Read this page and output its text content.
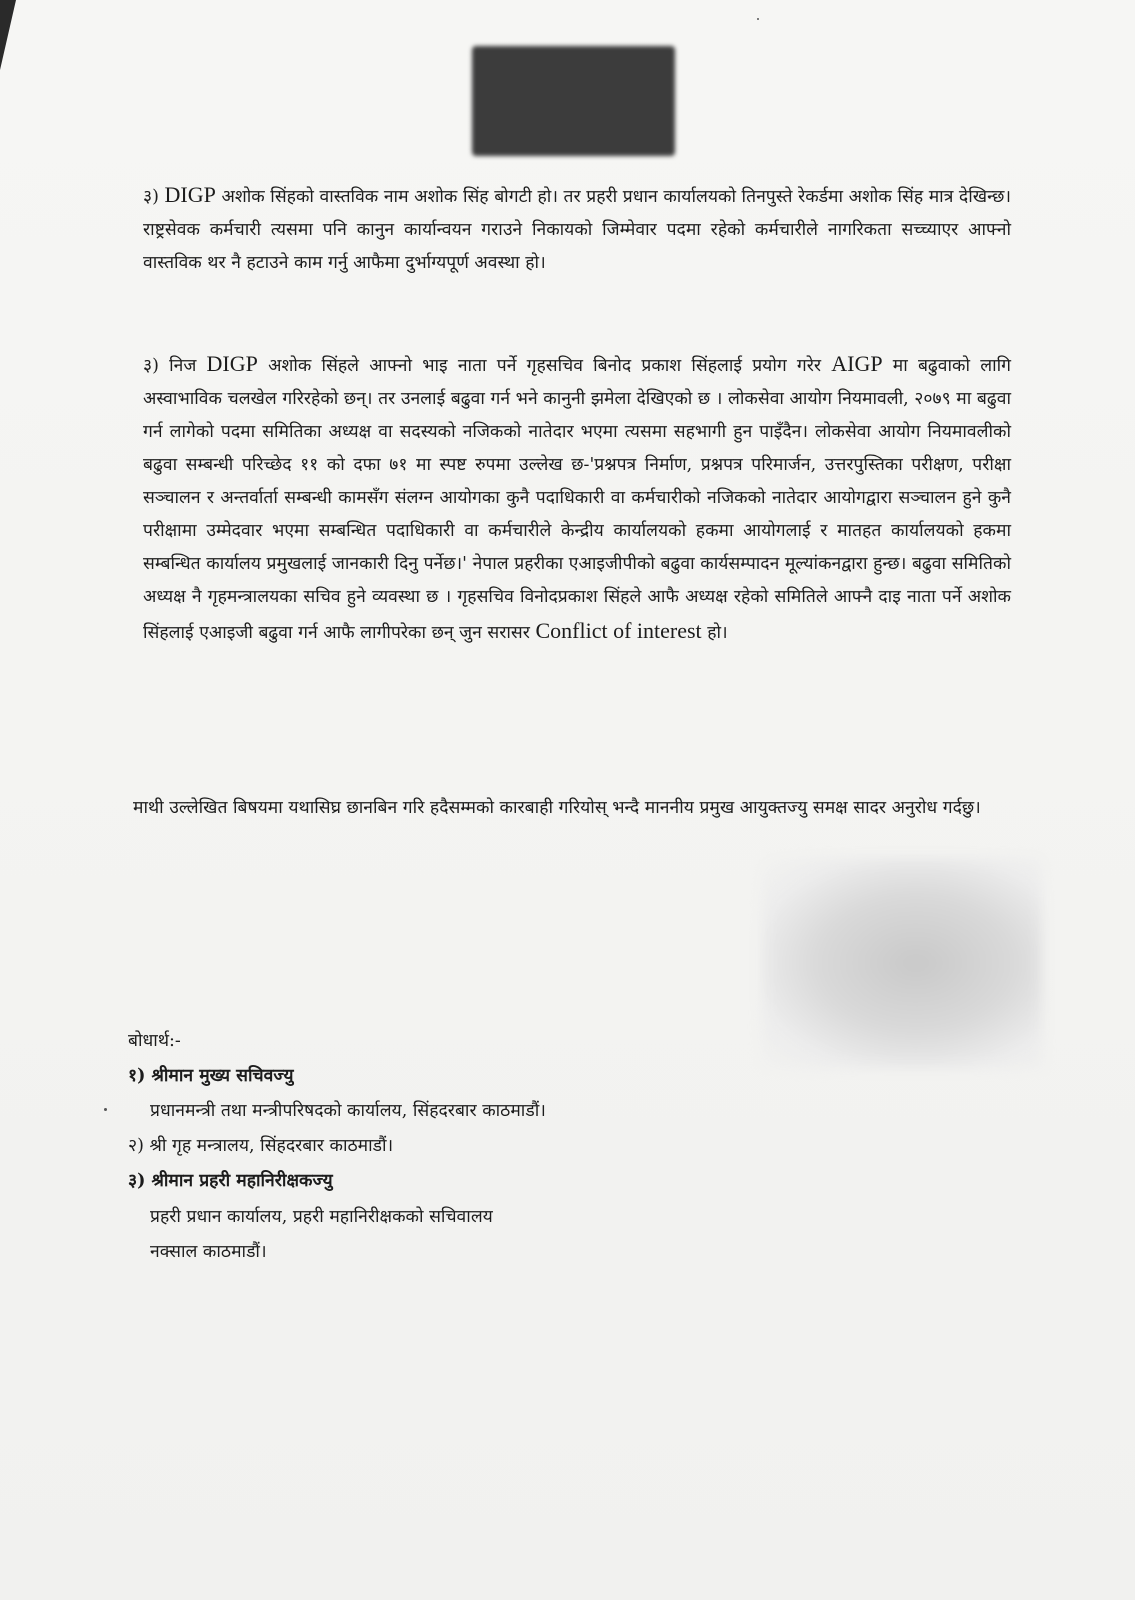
३) DIGP अशोक सिंहको वास्तविक नाम अशोक सिंह बोगटी हो। तर प्रहरी प्रधान कार्यालयको तिनपुस्ते रेकर्डमा अशोक सिंह मात्र देखिन्छ। राष्ट्रसेवक कर्मचारी त्यसमा पनि कानुन कार्यान्वयन गराउने निकायको जिम्मेवार पदमा रहेको कर्मचारीले नागरिकता सच्च्याएर आफ्नो वास्तविक थर नै हटाउने काम गर्नु आफैमा दुर्भाग्यपूर्ण अवस्था हो।

३) निज DIGP अशोक सिंहले आफ्नो भाइ नाता पर्ने गृहसचिव बिनोद प्रकाश सिंहलाई प्रयोग गरेर AIGP मा बढुवाको लागि अस्वाभाविक चलखेल गरिरहेको छन्। तर उनलाई बढुवा गर्न भने कानुनी झमेला देखिएको छ । लोकसेवा आयोग नियमावली, २०७९ मा बढुवा गर्न लागेको पदमा समितिका अध्यक्ष वा सदस्यको नजिकको नातेदार भएमा त्यसमा सहभागी हुन पाइँदैन। लोकसेवा आयोग नियमावलीको बढुवा सम्बन्धी परिच्छेद ११ को दफा ७१ मा स्पष्ट रुपमा उल्लेख छ-'प्रश्नपत्र निर्माण, प्रश्नपत्र परिमार्जन, उत्तरपुस्तिका परीक्षण, परीक्षा सञ्चालन र अन्तर्वार्ता सम्बन्धी कामसँग संलग्न आयोगका कुनै पदाधिकारी वा कर्मचारीको नजिकको नातेदार आयोगद्वारा सञ्चालन हुने कुनै परीक्षामा उम्मेदवार भएमा सम्बन्धित पदाधिकारी वा कर्मचारीले केन्द्रीय कार्यालयको हकमा आयोगलाई र मातहत कार्यालयको हकमा सम्बन्धित कार्यालय प्रमुखलाई जानकारी दिनु पर्नेछ।' नेपाल प्रहरीका एआइजीपीको बढुवा कार्यसम्पादन मूल्यांकनद्वारा हुन्छ। बढुवा समितिको अध्यक्ष नै गृहमन्त्रालयका सचिव हुने व्यवस्था छ । गृहसचिव विनोदप्रकाश सिंहले आफै अध्यक्ष रहेको समितिले आफ्नै दाइ नाता पर्ने अशोक सिंहलाई एआइजी बढुवा गर्न आफै लागीपरेका छन् जुन सरासर Conflict of interest हो।

माथी उल्लेखित बिषयमा यथासिघ्र छानबिन गरि हदैसम्मको कारबाही गरियोस् भन्दै माननीय प्रमुख आयुक्तज्यु समक्ष सादर अनुरोध गर्दछु।

बोधार्थ:-

१) श्रीमान मुख्य सचिवज्यु

प्रधानमन्त्री तथा मन्त्रीपरिषदको कार्यालय, सिंहदरबार काठमाडौं।

२) श्री गृह मन्त्रालय, सिंहदरबार काठमाडौं।

३) श्रीमान प्रहरी महानिरीक्षकज्यु

प्रहरी प्रधान कार्यालय, प्रहरी महानिरीक्षकको सचिवालय

नक्साल काठमाडौं।
